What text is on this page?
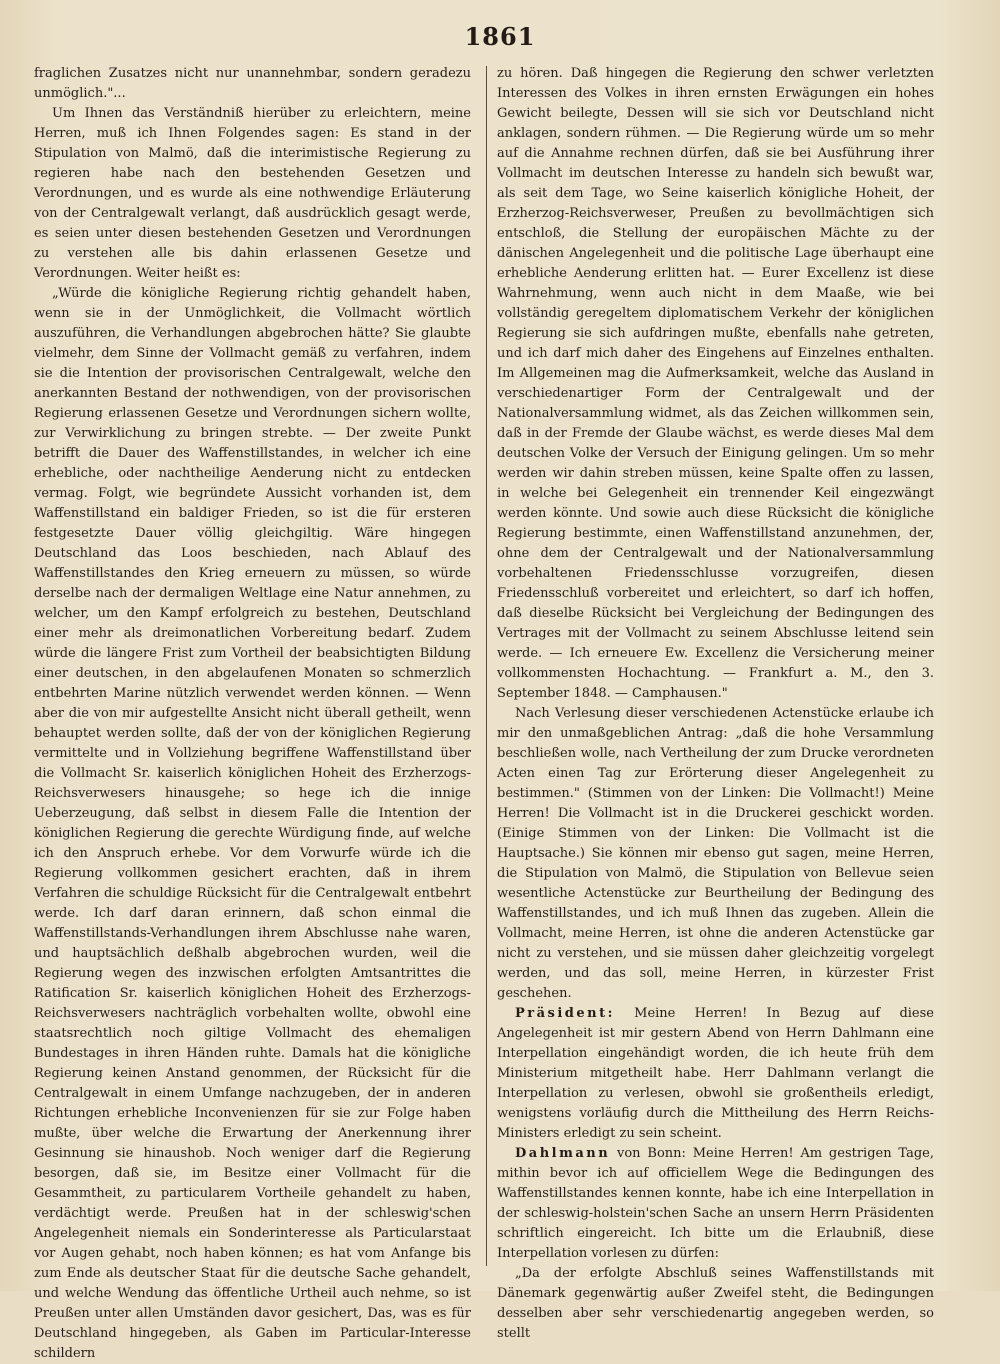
1861

fraglichen Zusatzes nicht nur unannehmbar, sondern geradezu unmöglich."...

Um Ihnen das Verständniß hierüber zu erleichtern, meine Herren, muß ich Ihnen Folgendes sagen: Es stand in der Stipulation von Malmö, daß die interimistische Regierung zu regieren habe nach den bestehenden Gesetzen und Verordnungen, und es wurde als eine nothwendige Erläuterung von der Centralgewalt verlangt, daß ausdrücklich gesagt werde, es seien unter diesen bestehenden Gesetzen und Verordnungen zu verstehen alle bis dahin erlassenen Gesetze und Verordnungen. Weiter heißt es:

„Würde die königliche Regierung richtig gehandelt haben, wenn sie in der Unmöglichkeit, die Vollmacht wörtlich auszuführen, die Verhandlungen abgebrochen hätte? Sie glaubte vielmehr, dem Sinne der Vollmacht gemäß zu verfahren, indem sie die Intention der provisorischen Centralgewalt, welche den anerkannten Bestand der nothwendigen, von der provisorischen Regierung erlassenen Gesetze und Verordnungen sichern wollte, zur Verwirklichung zu bringen strebte. — Der zweite Punkt betrifft die Dauer des Waffenstillstandes, in welcher ich eine erhebliche, oder nachtheilige Aenderung nicht zu entdecken vermag. Folgt, wie begründete Aussicht vorhanden ist, dem Waffenstillstand ein baldiger Frieden, so ist die für ersteren festgesetzte Dauer völlig gleichgiltig. Wäre hingegen Deutschland das Loos beschieden, nach Ablauf des Waffenstillstandes den Krieg erneuern zu müssen, so würde derselbe nach der dermaligen Weltlage eine Natur annehmen, zu welcher, um den Kampf erfolgreich zu bestehen, Deutschland einer mehr als dreimonatlichen Vorbereitung bedarf. Zudem würde die längere Frist zum Vortheil der beabsichtigten Bildung einer deutschen, in den abgelaufenen Monaten so schmerzlich entbehrten Marine nützlich verwendet werden können. — Wenn aber die von mir aufgestellte Ansicht nicht überall getheilt, wenn behauptet werden sollte, daß der von der königlichen Regierung vermittelte und in Vollziehung begriffene Waffenstillstand über die Vollmacht Sr. kaiserlich königlichen Hoheit des Erzherzogs-Reichsverwesers hinausgehe; so hege ich die innige Ueberzeugung, daß selbst in diesem Falle die Intention der königlichen Regierung die gerechte Würdigung finde, auf welche ich den Anspruch erhebe. Vor dem Vorwurfe würde ich die Regierung vollkommen gesichert erachten, daß in ihrem Verfahren die schuldige Rücksicht für die Centralgewalt entbehrt werde. Ich darf daran erinnern, daß schon einmal die Waffenstillstands-Verhandlungen ihrem Abschlusse nahe waren, und hauptsächlich deßhalb abgebrochen wurden, weil die Regierung wegen des inzwischen erfolgten Amtsantrittes die Ratification Sr. kaiserlich königlichen Hoheit des Erzherzogs-Reichsverwesers nachträglich vorbehalten wollte, obwohl eine staatsrechtlich noch giltige Vollmacht des ehemaligen Bundestages in ihren Händen ruhte. Damals hat die königliche Regierung keinen Anstand genommen, der Rücksicht für die Centralgewalt in einem Umfange nachzugeben, der in anderen Richtungen erhebliche Inconvenienzen für sie zur Folge haben mußte, über welche die Erwartung der Anerkennung ihrer Gesinnung sie hinaushob. Noch weniger darf die Regierung besorgen, daß sie, im Besitze einer Vollmacht für die Gesammtheit, zu particularem Vortheile gehandelt zu haben, verdächtigt werde. Preußen hat in der schleswig'schen Angelegenheit niemals ein Sonderinteresse als Particularstaat vor Augen gehabt, noch haben können; es hat vom Anfange bis zum Ende als deutscher Staat für die deutsche Sache gehandelt, und welche Wendung das öffentliche Urtheil auch nehme, so ist Preußen unter allen Umständen davor gesichert, Das, was es für Deutschland hingegeben, als Gaben im Particular-Interesse schildern

zu hören. Daß hingegen die Regierung den schwer verletzten Interessen des Volkes in ihren ernsten Erwägungen ein hohes Gewicht beilegte, Dessen will sie sich vor Deutschland nicht anklagen, sondern rühmen. — Die Regierung würde um so mehr auf die Annahme rechnen dürfen, daß sie bei Ausführung ihrer Vollmacht im deutschen Interesse zu handeln sich bewußt war, als seit dem Tage, wo Seine kaiserlich königliche Hoheit, der Erzherzog-Reichsverweser, Preußen zu bevollmächtigen sich entschloß, die Stellung der europäischen Mächte zu der dänischen Angelegenheit und die politische Lage überhaupt eine erhebliche Aenderung erlitten hat. — Eurer Excellenz ist diese Wahrnehmung, wenn auch nicht in dem Maaße, wie bei vollständig geregeltem diplomatischem Verkehr der königlichen Regierung sie sich aufdringen mußte, ebenfalls nahe getreten, und ich darf mich daher des Eingehens auf Einzelnes enthalten. Im Allgemeinen mag die Aufmerksamkeit, welche das Ausland in verschiedenartiger Form der Centralgewalt und der Nationalversammlung widmet, als das Zeichen willkommen sein, daß in der Fremde der Glaube wächst, es werde dieses Mal dem deutschen Volke der Versuch der Einigung gelingen. Um so mehr werden wir dahin streben müssen, keine Spalte offen zu lassen, in welche bei Gelegenheit ein trennender Keil eingezwängt werden könnte. Und sowie auch diese Rücksicht die königliche Regierung bestimmte, einen Waffenstillstand anzunehmen, der, ohne dem der Centralgewalt und der Nationalversammlung vorbehaltenen Friedensschlusse vorzugreifen, diesen Friedensschluß vorbereitet und erleichtert, so darf ich hoffen, daß dieselbe Rücksicht bei Vergleichung der Bedingungen des Vertrages mit der Vollmacht zu seinem Abschlusse leitend sein werde. — Ich erneuere Ew. Excellenz die Versicherung meiner vollkommensten Hochachtung. — Frankfurt a. M., den 3. September 1848. — Camphausen."

Nach Verlesung dieser verschiedenen Actenstücke erlaube ich mir den unmaßgeblichen Antrag: „daß die hohe Versammlung beschließen wolle, nach Vertheilung der zum Drucke verordneten Acten einen Tag zur Erörterung dieser Angelegenheit zu bestimmen." (Stimmen von der Linken: Die Vollmacht!) Meine Herren! Die Vollmacht ist in die Druckerei geschickt worden. (Einige Stimmen von der Linken: Die Vollmacht ist die Hauptsache.) Sie können mir ebenso gut sagen, meine Herren, die Stipulation von Malmö, die Stipulation von Bellevue seien wesentliche Actenstücke zur Beurtheilung der Bedingung des Waffenstillstandes, und ich muß Ihnen das zugeben. Allein die Vollmacht, meine Herren, ist ohne die anderen Actenstücke gar nicht zu verstehen, und sie müssen daher gleichzeitig vorgelegt werden, und das soll, meine Herren, in kürzester Frist geschehen.

Präsident: Meine Herren! In Bezug auf diese Angelegenheit ist mir gestern Abend von Herrn Dahlmann eine Interpellation eingehändigt worden, die ich heute früh dem Ministerium mitgetheilt habe. Herr Dahlmann verlangt die Interpellation zu verlesen, obwohl sie großentheils erledigt, wenigstens vorläufig durch die Mittheilung des Herrn Reichs-Ministers erledigt zu sein scheint.

Dahlmann von Bonn: Meine Herren! Am gestrigen Tage, mithin bevor ich auf officiellem Wege die Bedingungen des Waffenstillstandes kennen konnte, habe ich eine Interpellation in der schleswig-holstein'schen Sache an unsern Herrn Präsidenten schriftlich eingereicht. Ich bitte um die Erlaubniß, diese Interpellation vorlesen zu dürfen:

„Da der erfolgte Abschluß seines Waffenstillstands mit Dänemark gegenwärtig außer Zweifel steht, die Bedingungen desselben aber sehr verschiedenartig angegeben werden, so stellt
